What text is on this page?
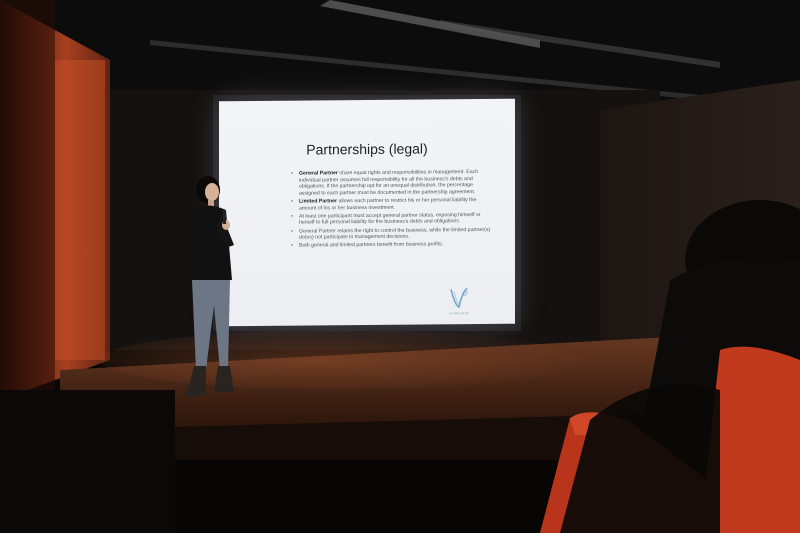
Partnerships (legal)
• General Partner share equal rights and responsibilities in management. Each individual partner assumes full responsibility for all the business's debts and obligations. If the partnership opt for an unequal distribution, the percentage assigned to each partner must be documented in the partnership agreement.
• Limited Partner allows each partner to restrict his or her personal liability the amount of his or her business investment.
• At least one participant must accept general partner status, exposing himself or herself to full personal liability for the business's debts and obligations.
• General Partner retains the right to control the business, while the limited partner(s) do(es) not participate in management decisions.
• Both general and limited partners benefit from business profits.
Ira Wei Hui Ho
